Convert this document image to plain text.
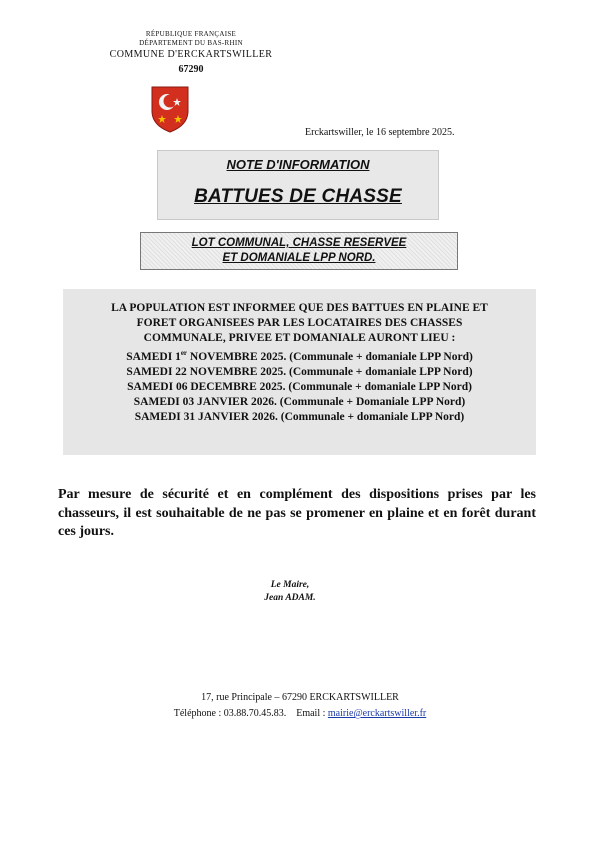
RÉPUBLIQUE FRANÇAISE
DÉPARTEMENT DU BAS-RHIN
COMMUNE D'ERCKARTSWILLER
67290
Erckartswiller, le 16 septembre 2025.
NOTE D'INFORMATION
BATTUES DE CHASSE
LOT COMMUNAL, CHASSE RESERVEE
ET DOMANIALE LPP NORD.
LA POPULATION EST INFORMEE QUE DES BATTUES EN PLAINE ET
FORET ORGANISEES PAR LES LOCATAIRES DES CHASSES
COMMUNALE, PRIVEE ET DOMANIALE AURONT LIEU :
SAMEDI 1er NOVEMBRE 2025. (Communale + domaniale LPP Nord)
SAMEDI 22 NOVEMBRE 2025. (Communale + domaniale LPP Nord)
SAMEDI 06 DECEMBRE 2025. (Communale + domaniale LPP Nord)
SAMEDI 03 JANVIER 2026. (Communale + Domaniale LPP Nord)
SAMEDI 31 JANVIER 2026. (Communale + domaniale LPP Nord)
Par mesure de sécurité et en complément des dispositions prises par les chasseurs, il est souhaitable de ne pas se promener en plaine et en forêt durant ces jours.
Le Maire,
Jean ADAM.
17, rue Principale – 67290 ERCKARTSWILLER
Téléphone : 03.88.70.45.83. Email : mairie@erckartswiller.fr
